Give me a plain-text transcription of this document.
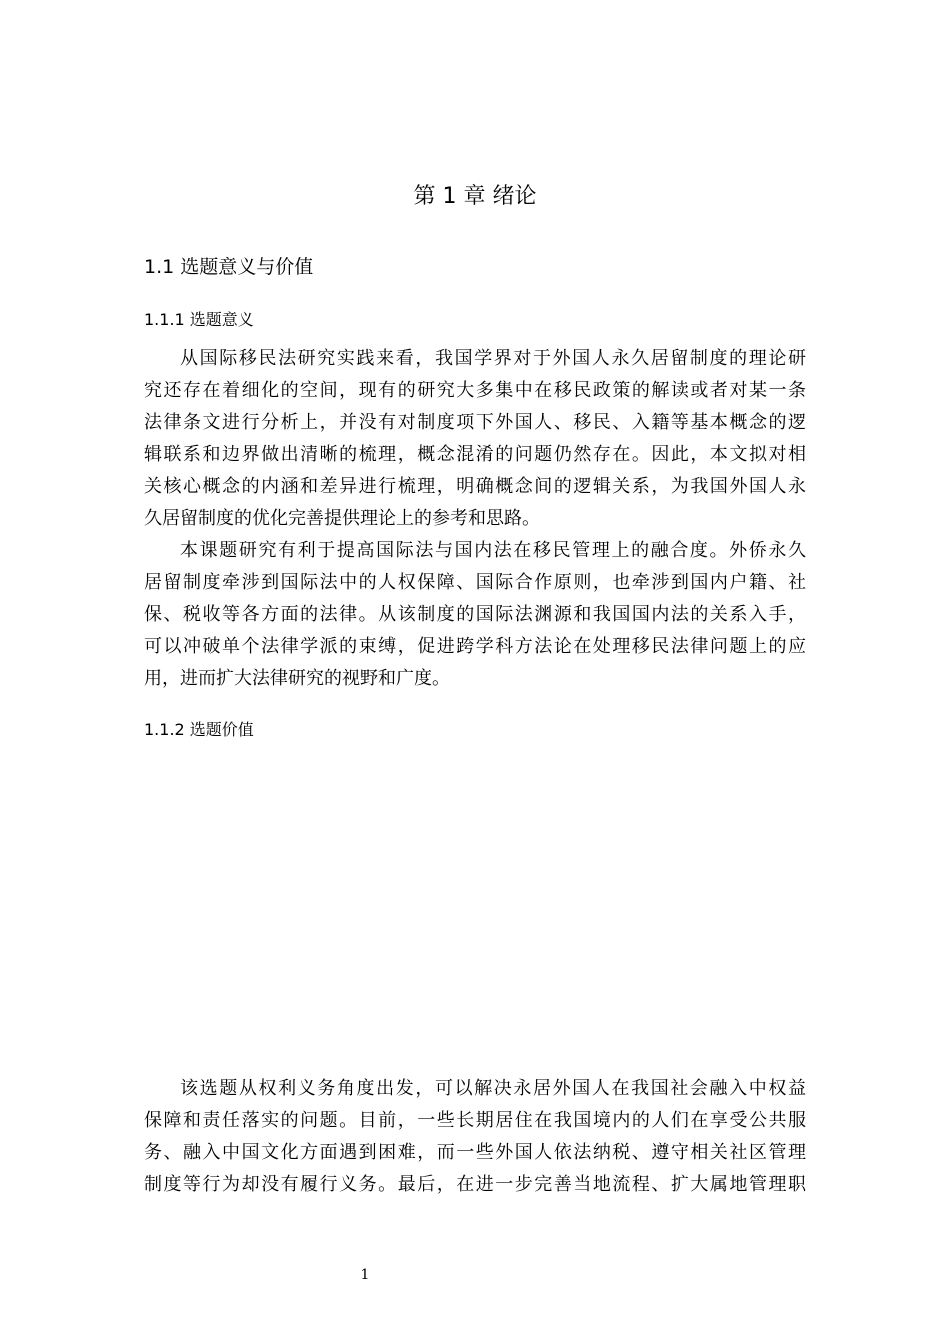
第 1 章 绪论
1.1 选题意义与价值
1.1.1 选题意义
从国际移民法研究实践来看，我国学界对于外国人永久居留制度的理论研
究还存在着细化的空间，现有的研究大多集中在移民政策的解读或者对某一条
法律条文进行分析上，并没有对制度项下外国人、移民、入籍等基本概念的逻
辑联系和边界做出清晰的梳理，概念混淆的问题仍然存在。因此，本文拟对相
关核心概念的内涵和差异进行梳理，明确概念间的逻辑关系，为我国外国人永
久居留制度的优化完善提供理论上的参考和思路。
本课题研究有利于提高国际法与国内法在移民管理上的融合度。外侨永久
居留制度牵涉到国际法中的人权保障、国际合作原则，也牵涉到国内户籍、社
保、税收等各方面的法律。从该制度的国际法渊源和我国国内法的关系入手，
可以冲破单个法律学派的束缚，促进跨学科方法论在处理移民法律问题上的应
用，进而扩大法律研究的视野和广度。
1.1.2 选题价值
该选题从权利义务角度出发，可以解决永居外国人在我国社会融入中权益
保障和责任落实的问题。目前，一些长期居住在我国境内的人们在享受公共服
务、融入中国文化方面遇到困难，而一些外国人依法纳税、遵守相关社区管理
制度等行为却没有履行义务。最后，在进一步完善当地流程、扩大属地管理职
1
